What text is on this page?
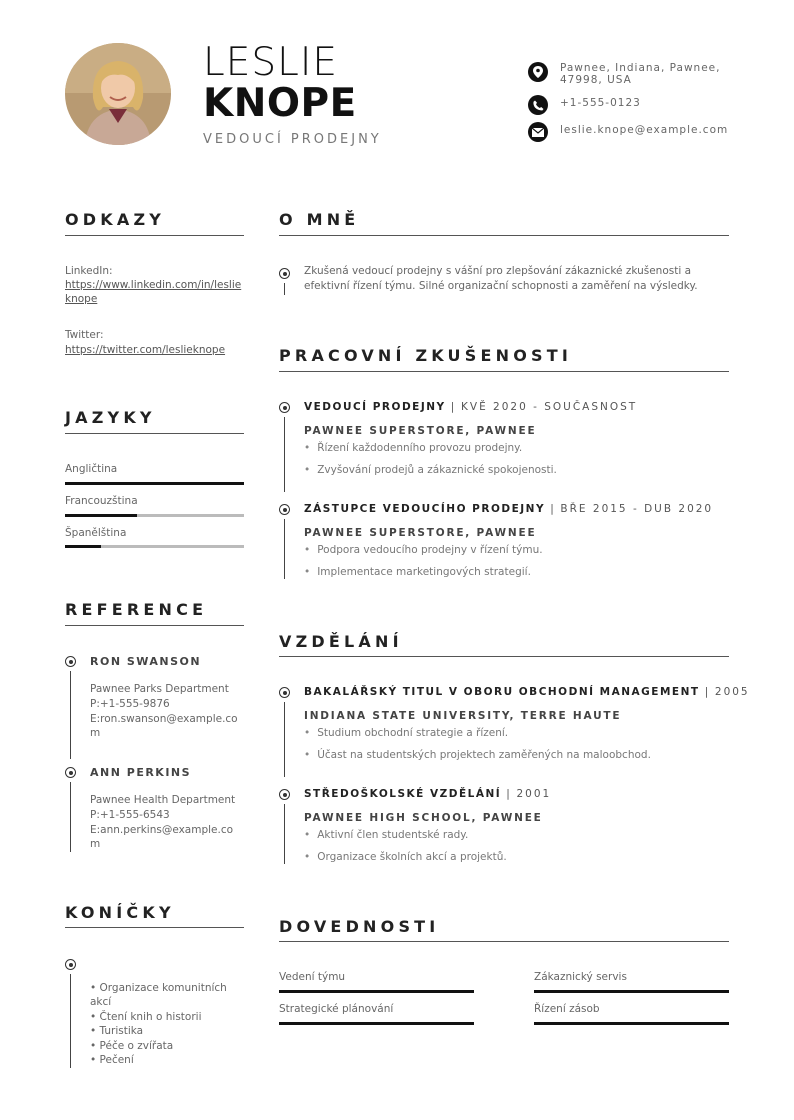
LESLIE
KNOPE
VEDOUCÍ PRODEJNY
Pawnee, Indiana, Pawnee, 47998, USA
+1-555-0123
leslie.knope@example.com
ODKAZY
LinkedIn:
https://www.linkedin.com/in/leslieknope
Twitter:
https://twitter.com/leslieknope
JAZYKY
Angličtina
Francouzština
Španělština
REFERENCE
RON SWANSON
Pawnee Parks Department
P:+1-555-9876
E:ron.swanson@example.com
ANN PERKINS
Pawnee Health Department
P:+1-555-6543
E:ann.perkins@example.com
KONÍČKY
• Organizace komunitních akcí
• Čtení knih o historii
• Turistika
• Péče o zvířata
• Pečení
O MNĚ
Zkušená vedoucí prodejny s vášní pro zlepšování zákaznické zkušenosti a efektivní řízení týmu. Silné organizační schopnosti a zaměření na výsledky.
PRACOVNÍ ZKUŠENOSTI
VEDOUCÍ PRODEJNY | KVĚ 2020 - SOUČASNOST
PAWNEE SUPERSTORE, PAWNEE
• Řízení každodenního provozu prodejny.
• Zvyšování prodejů a zákaznické spokojenosti.
ZÁSTUPCE VEDOUCÍHO PRODEJNY | BŘE 2015 - DUB 2020
PAWNEE SUPERSTORE, PAWNEE
• Podpora vedoucího prodejny v řízení týmu.
• Implementace marketingových strategií.
VZDĚLÁNÍ
BAKALÁŘSKÝ TITUL V OBORU OBCHODNÍ MANAGEMENT | 2005
INDIANA STATE UNIVERSITY, TERRE HAUTE
• Studium obchodní strategie a řízení.
• Účast na studentských projektech zaměřených na maloobchod.
STŘEDOŠKOLSKÉ VZDĚLÁNÍ | 2001
PAWNEE HIGH SCHOOL, PAWNEE
• Aktivní člen studentské rady.
• Organizace školních akcí a projektů.
DOVEDNOSTI
Vedení týmu	Zákaznický servis
Strategické plánování	Řízení zásob
